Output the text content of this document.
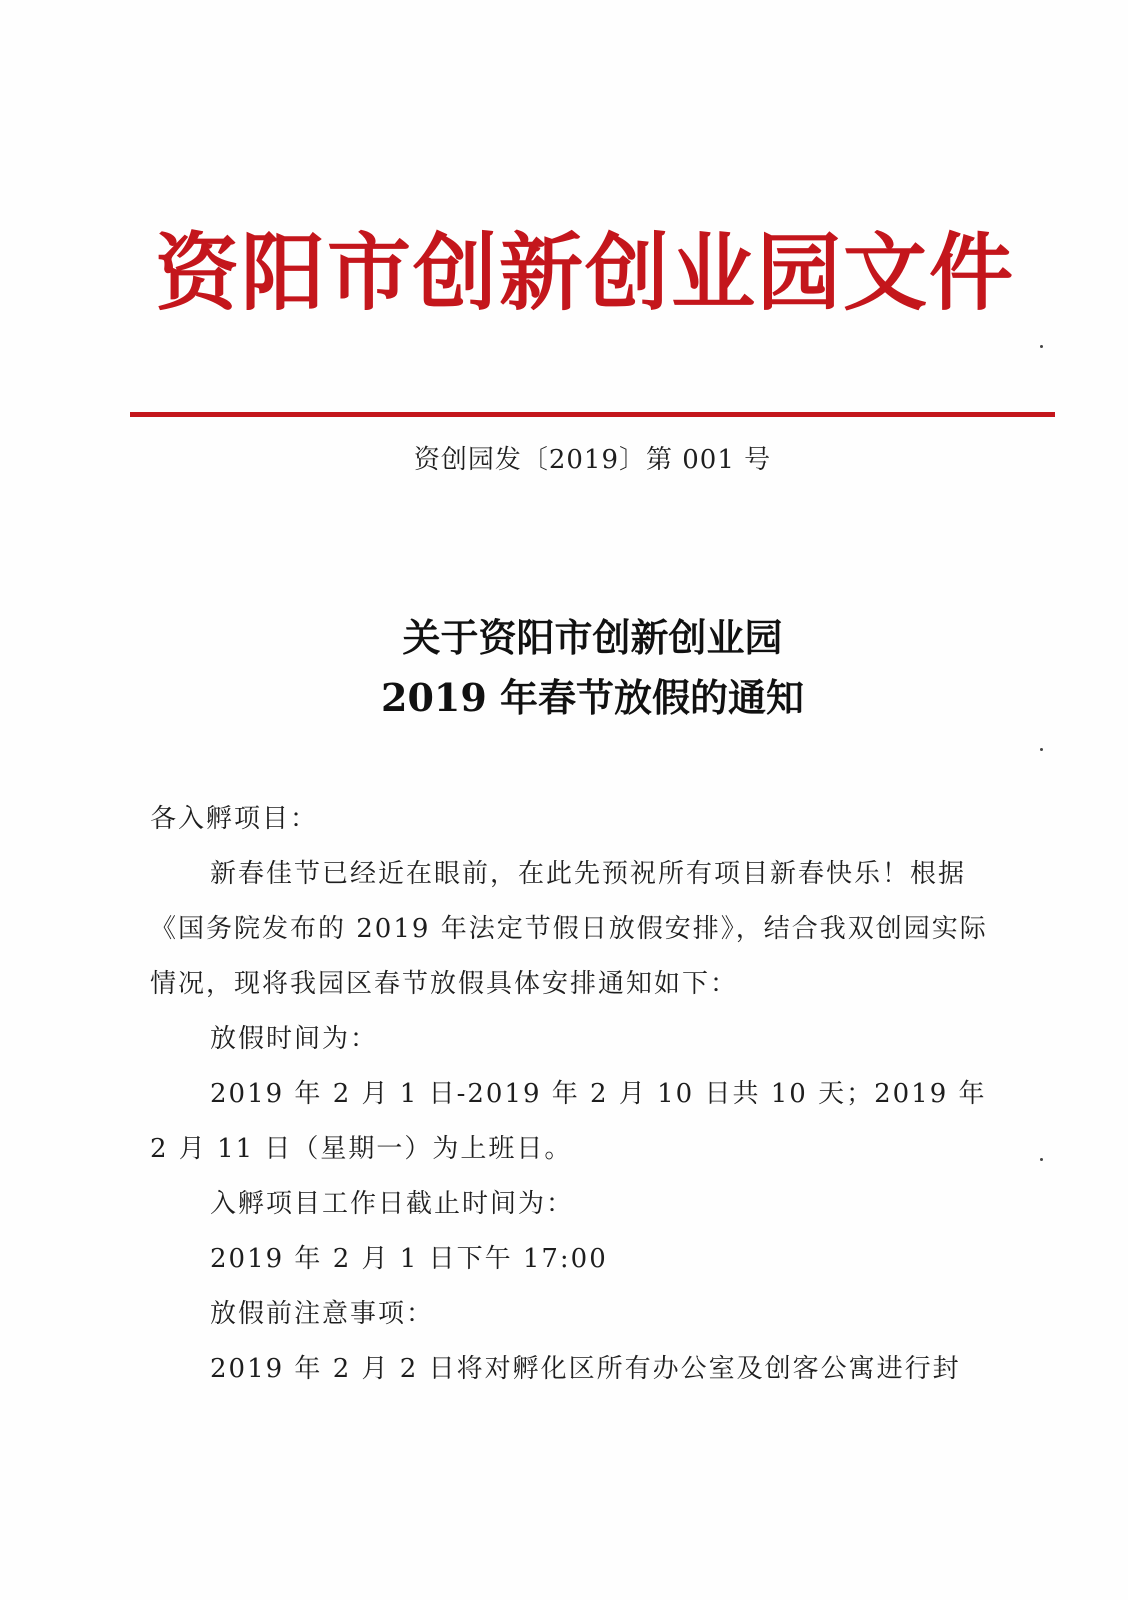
资阳市创新创业园文件
资创园发〔2019〕第 001 号
关于资阳市创新创业园
2019 年春节放假的通知

各入孵项目：

新春佳节已经近在眼前，在此先预祝所有项目新春快乐！根据《国务院发布的 2019 年法定节假日放假安排》，结合我双创园实际情况，现将我园区春节放假具体安排通知如下：

放假时间为：

2019 年 2 月 1 日-2019 年 2 月 10 日共 10 天；2019 年 2 月 11 日（星期一）为上班日。

入孵项目工作日截止时间为：

2019 年 2 月 1 日下午 17:00

放假前注意事项：

2019 年 2 月 2 日将对孵化区所有办公室及创客公寓进行封
